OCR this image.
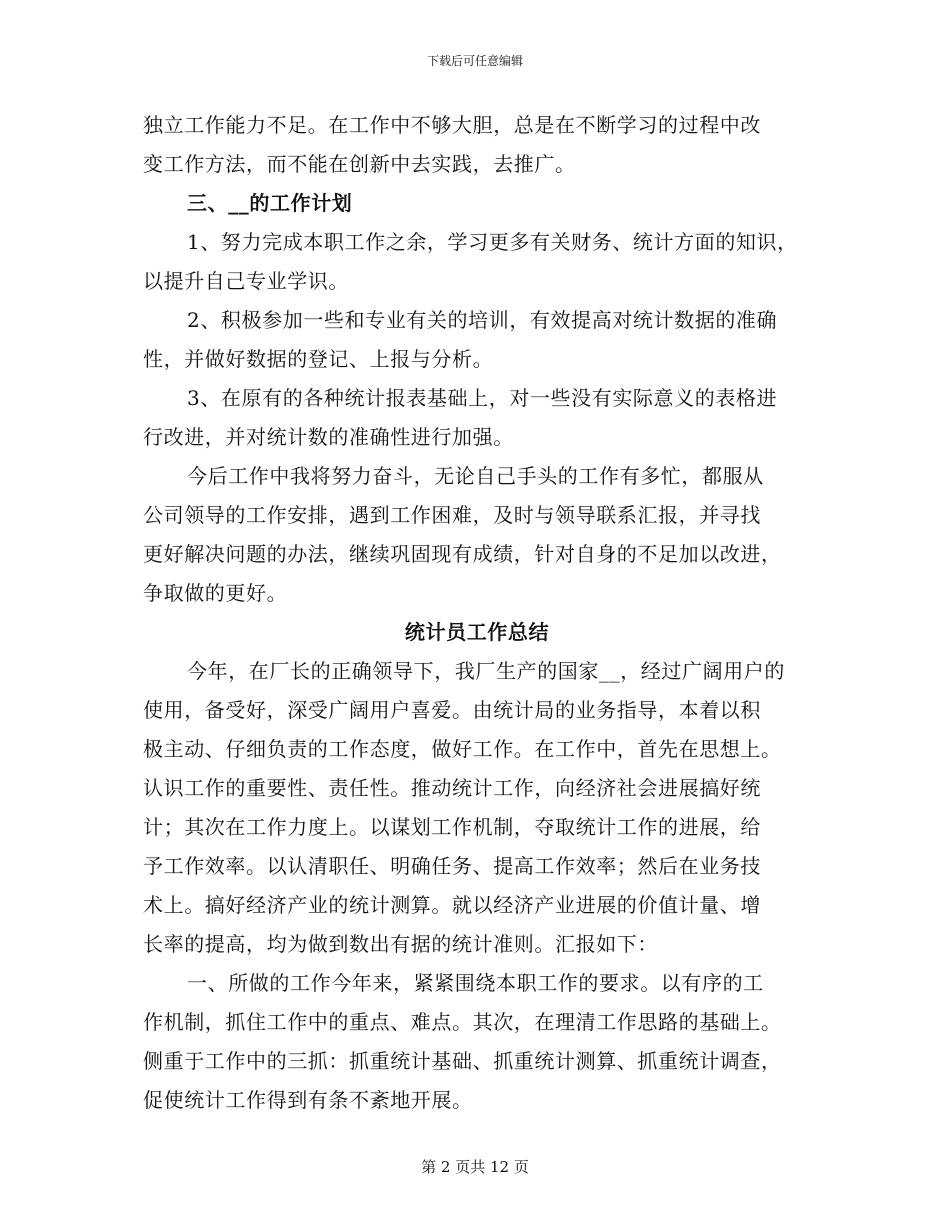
下载后可任意编辑
独立工作能力不足。在工作中不够大胆，总是在不断学习的过程中改
变工作方法，而不能在创新中去实践，去推广。
三、__的工作计划
1、努力完成本职工作之余，学习更多有关财务、统计方面的知识，
以提升自己专业学识。
2、积极参加一些和专业有关的培训，有效提高对统计数据的准确
性，并做好数据的登记、上报与分析。
3、在原有的各种统计报表基础上，对一些没有实际意义的表格进
行改进，并对统计数的准确性进行加强。
今后工作中我将努力奋斗，无论自己手头的工作有多忙，都服从
公司领导的工作安排，遇到工作困难，及时与领导联系汇报，并寻找
更好解决问题的办法，继续巩固现有成绩，针对自身的不足加以改进，
争取做的更好。
统计员工作总结
今年，在厂长的正确领导下，我厂生产的国家__，经过广阔用户的
使用，备受好，深受广阔用户喜爱。由统计局的业务指导，本着以积
极主动、仔细负责的工作态度，做好工作。在工作中，首先在思想上。
认识工作的重要性、责任性。推动统计工作，向经济社会进展搞好统
计；其次在工作力度上。以谋划工作机制，夺取统计工作的进展，给
予工作效率。以认清职任、明确任务、提高工作效率；然后在业务技
术上。搞好经济产业的统计测算。就以经济产业进展的价值计量、增
长率的提高，均为做到数出有据的统计准则。汇报如下：
一、所做的工作今年来，紧紧围绕本职工作的要求。以有序的工
作机制，抓住工作中的重点、难点。其次，在理清工作思路的基础上。
侧重于工作中的三抓：抓重统计基础、抓重统计测算、抓重统计调查，
促使统计工作得到有条不紊地开展。
第 2 页共 12 页
